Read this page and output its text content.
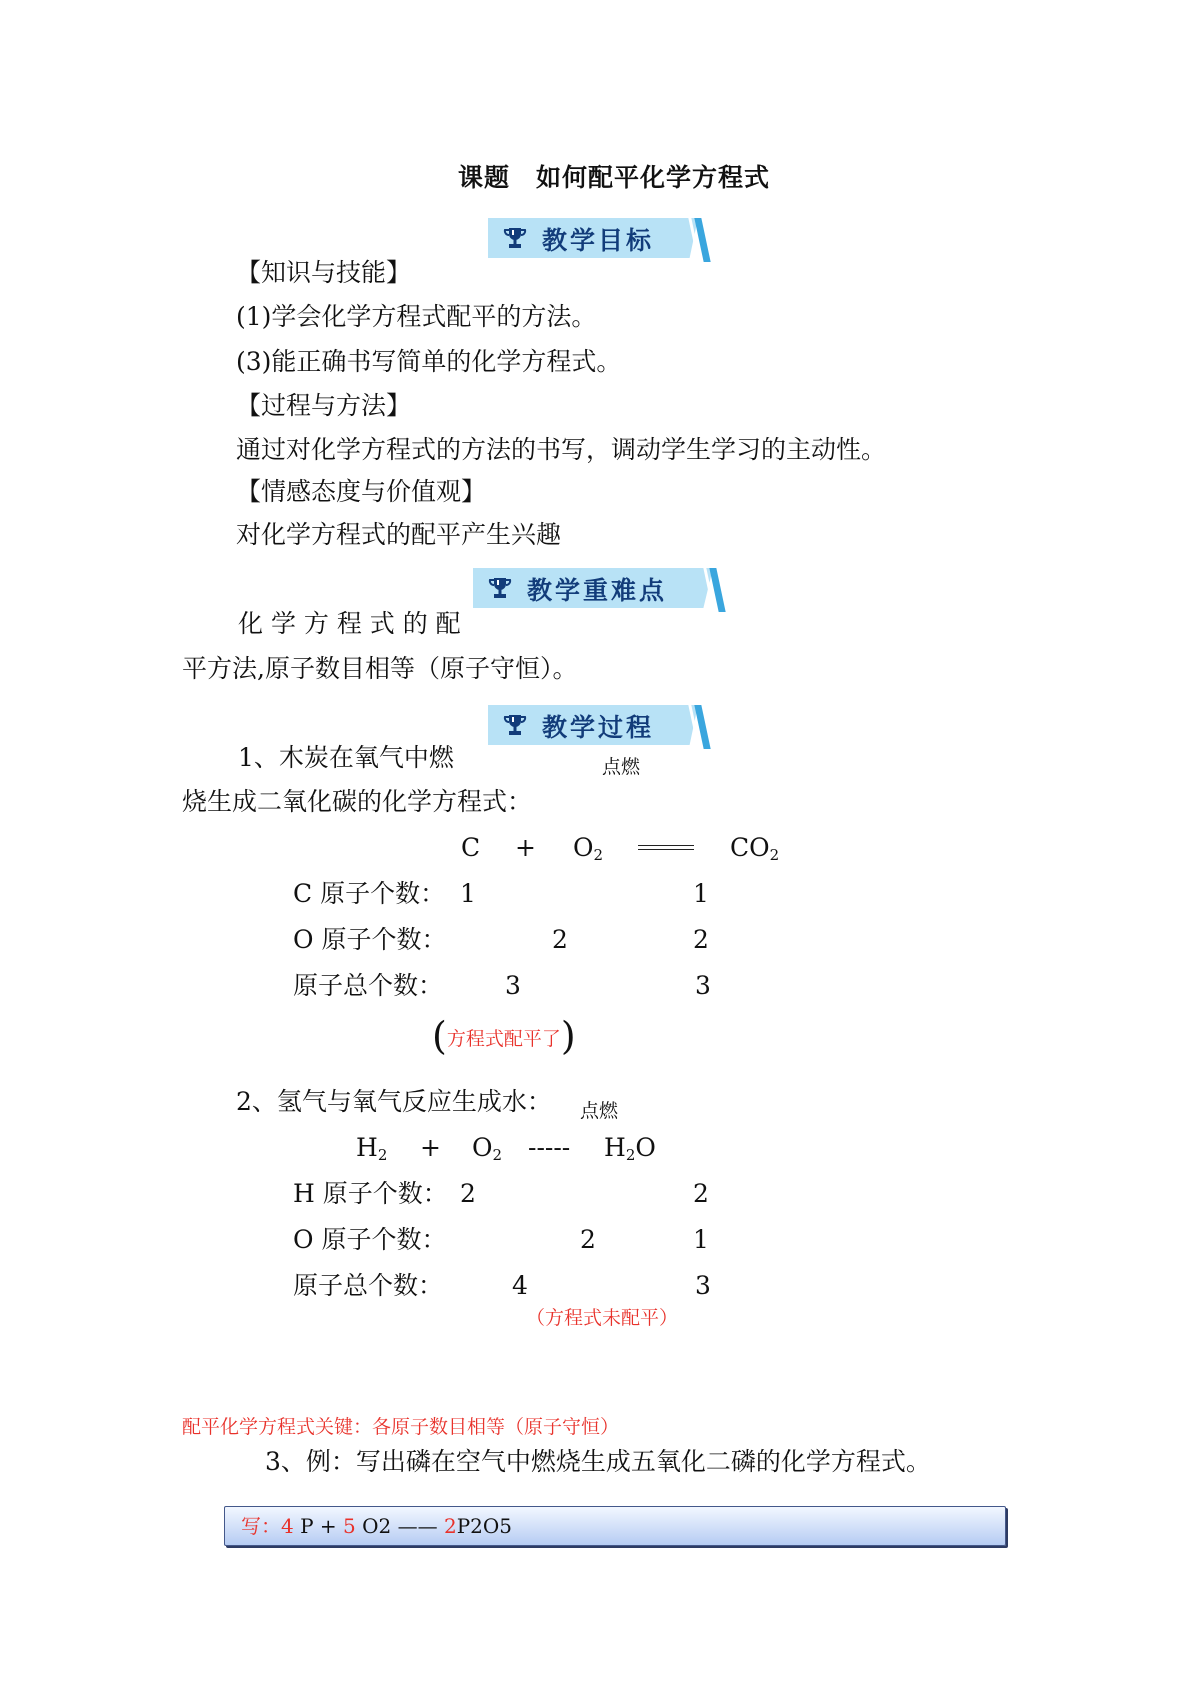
课题　如何配平化学方程式
教学目标
【知识与技能】
(1)学会化学方程式配平的方法。
(3)能正确书写简单的化学方程式。
【过程与方法】
通过对化学方程式的方法的书写，调动学生学习的主动性。
【情感态度与价值观】
对化学方程式的配平产生兴趣
教学重难点
化 学 方 程 式 的 配
平方法,原子数目相等（原子守恒）。
教学过程
1、木炭在氧气中燃	点燃
烧生成二氧化碳的化学方程式：
$C + O_2$	$CO_2$
C 原子个数： 1	1
O 原子个数：	2	2
原子总个数： 3	3
(方程式配平了)
2、氢气与氧气反应生成水： 点燃
$H_2 + O_2$ ----- $H_2O$
H 原子个数： 2	2
O 原子个数：	2	1
原子总个数：	4	3
（方程式未配平）
配平化学方程式关键：各原子数目相等（原子守恒）
3、例：写出磷在空气中燃烧生成五氧化二磷的化学方程式。
写：4 P + 5 O2 —— 2P2O5
